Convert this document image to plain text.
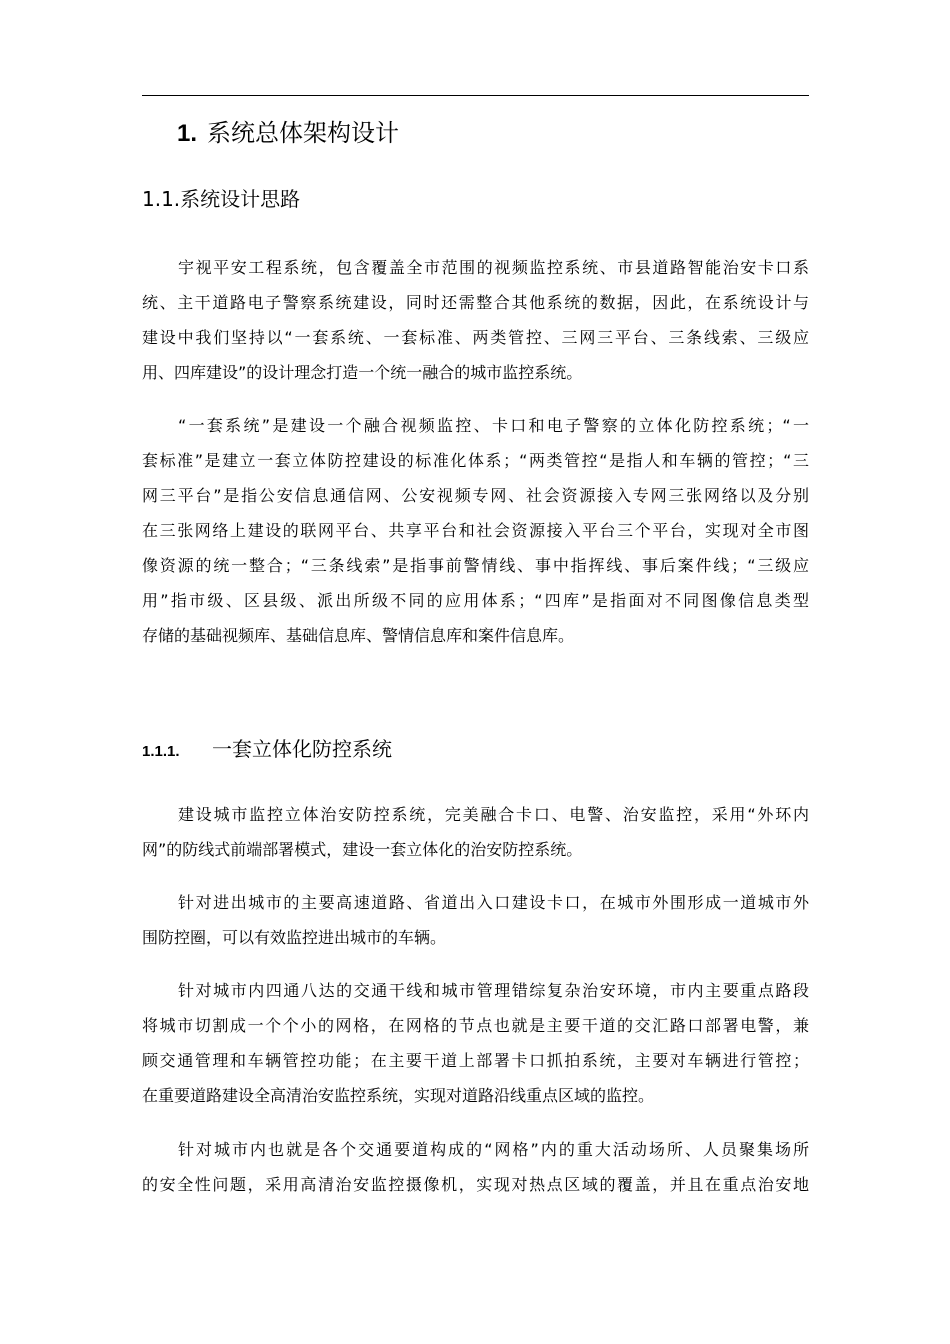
1. 系统总体架构设计
1.1.系统设计思路

宇视平安工程系统，包含覆盖全市范围的视频监控系统、市县道路智能治安卡口系
统、主干道路电子警察系统建设，同时还需整合其他系统的数据，因此，在系统设计与
建设中我们坚持以“一套系统、一套标准、两类管控、三网三平台、三条线索、三级应
用、四库建设”的设计理念打造一个统一融合的城市监控系统。

“一套系统”是建设一个融合视频监控、卡口和电子警察的立体化防控系统；“一
套标准”是建立一套立体防控建设的标准化体系；“两类管控“是指人和车辆的管控；“三
网三平台”是指公安信息通信网、公安视频专网、社会资源接入专网三张网络以及分别
在三张网络上建设的联网平台、共享平台和社会资源接入平台三个平台，实现对全市图
像资源的统一整合；“三条线索”是指事前警情线、事中指挥线、事后案件线；“三级应
用”指市级、区县级、派出所级不同的应用体系；“四库”是指面对不同图像信息类型
存储的基础视频库、基础信息库、警情信息库和案件信息库。

1.1.1. 一套立体化防控系统

建设城市监控立体治安防控系统，完美融合卡口、电警、治安监控，采用“外环内
网”的防线式前端部署模式，建设一套立体化的治安防控系统。

针对进出城市的主要高速道路、省道出入口建设卡口，在城市外围形成一道城市外
围防控圈，可以有效监控进出城市的车辆。

针对城市内四通八达的交通干线和城市管理错综复杂治安环境，市内主要重点路段
将城市切割成一个个小的网格，在网格的节点也就是主要干道的交汇路口部署电警，兼
顾交通管理和车辆管控功能；在主要干道上部署卡口抓拍系统，主要对车辆进行管控；
在重要道路建设全高清治安监控系统，实现对道路沿线重点区域的监控。

针对城市内也就是各个交通要道构成的“网格”内的重大活动场所、人员聚集场所
的安全性问题，采用高清治安监控摄像机，实现对热点区域的覆盖，并且在重点治安地
